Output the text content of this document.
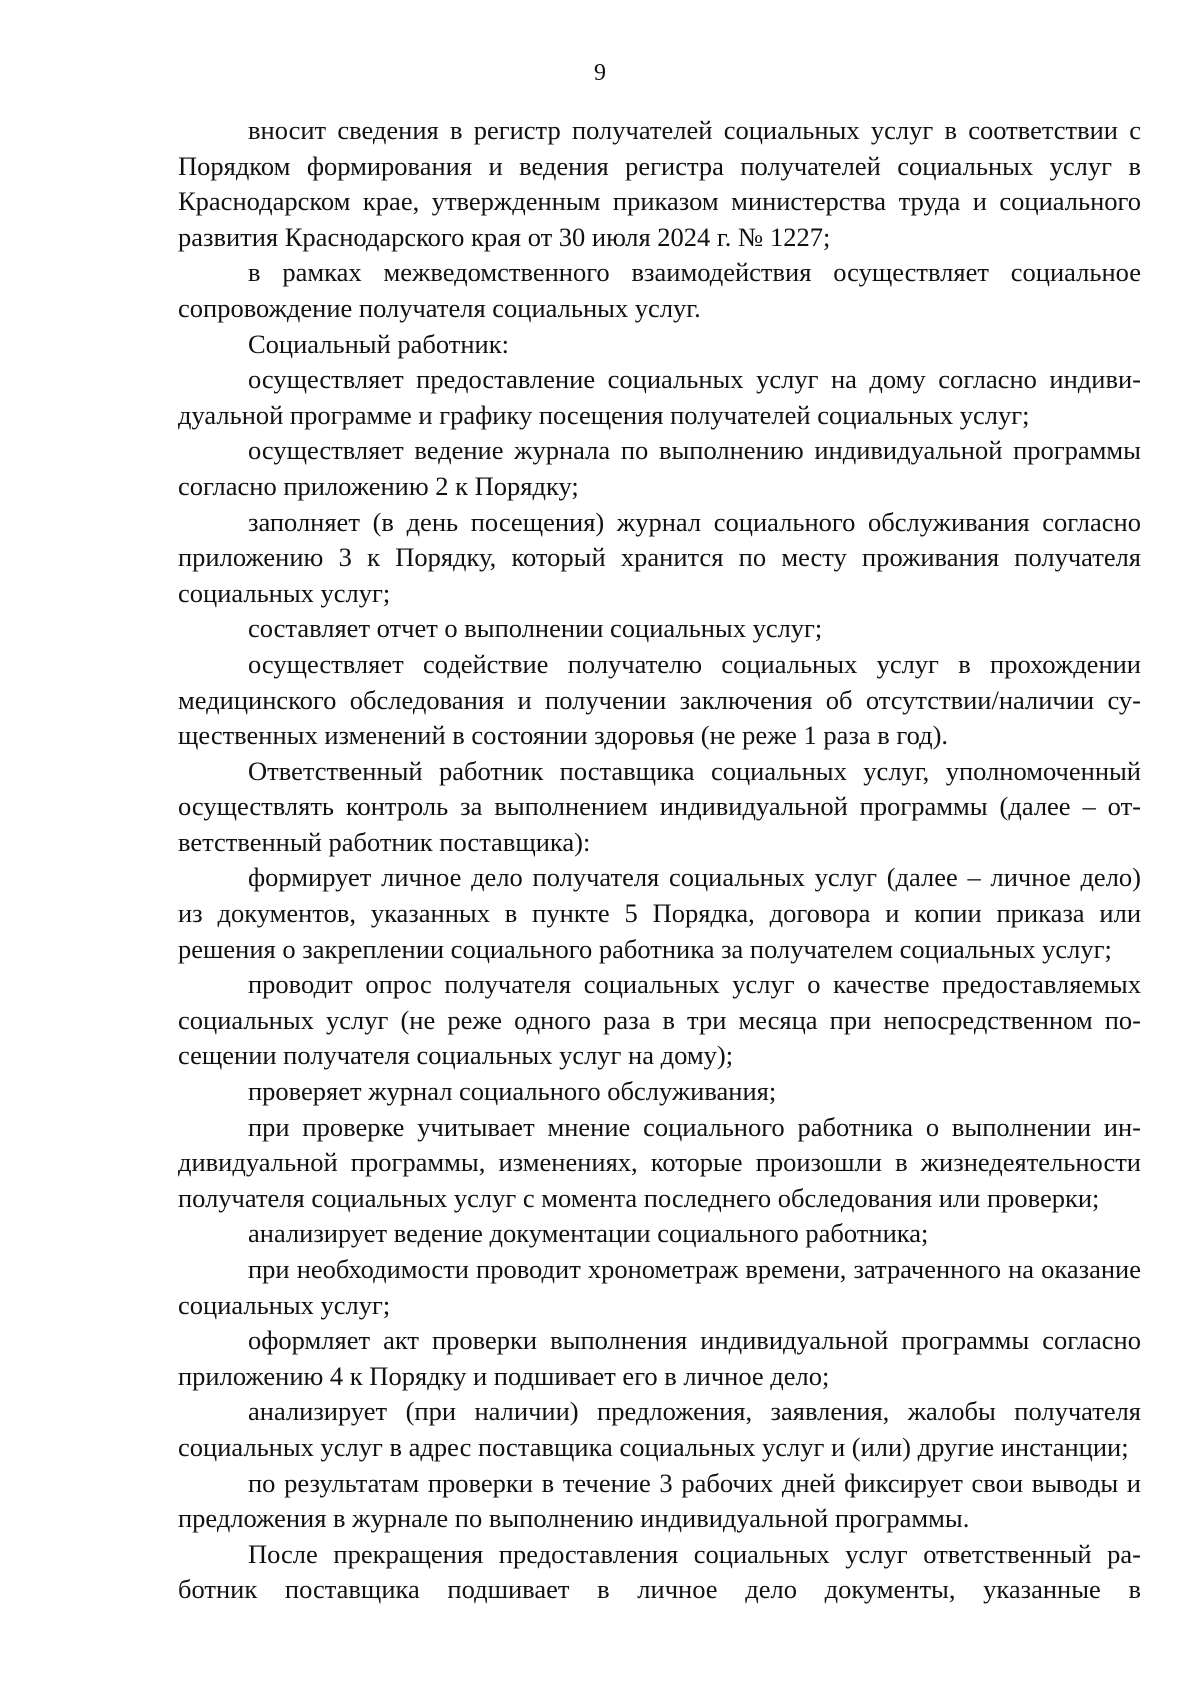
9

вносит сведения в регистр получателей социальных услуг в соответствии с Порядком формирования и ведения регистра получателей социальных услуг в Краснодарском крае, утвержденным приказом министерства труда и социального развития Краснодарского края от 30 июля 2024 г. № 1227;

в рамках межведомственного взаимодействия осуществляет социальное сопровождение получателя социальных услуг.

Социальный работник:

осуществляет предоставление социальных услуг на дому согласно индивидуальной программе и графику посещения получателей социальных услуг;

осуществляет ведение журнала по выполнению индивидуальной программы согласно приложению 2 к Порядку;

заполняет (в день посещения) журнал социального обслуживания согласно приложению 3 к Порядку, который хранится по месту проживания получателя социальных услуг;

составляет отчет о выполнении социальных услуг;

осуществляет содействие получателю социальных услуг в прохождении медицинского обследования и получении заключения об отсутствии/наличии существенных изменений в состоянии здоровья (не реже 1 раза в год).

Ответственный работник поставщика социальных услуг, уполномоченный осуществлять контроль за выполнением индивидуальной программы (далее – ответственный работник поставщика):

формирует личное дело получателя социальных услуг (далее – личное дело) из документов, указанных в пункте 5 Порядка, договора и копии приказа или решения о закреплении социального работника за получателем социальных услуг;

проводит опрос получателя социальных услуг о качестве предоставляемых социальных услуг (не реже одного раза в три месяца при непосредственном посещении получателя социальных услуг на дому);

проверяет журнал социального обслуживания;

при проверке учитывает мнение социального работника о выполнении индивидуальной программы, изменениях, которые произошли в жизнедеятельности получателя социальных услуг с момента последнего обследования или проверки;

анализирует ведение документации социального работника;

при необходимости проводит хронометраж времени, затраченного на оказание социальных услуг;

оформляет акт проверки выполнения индивидуальной программы согласно приложению 4 к Порядку и подшивает его в личное дело;

анализирует (при наличии) предложения, заявления, жалобы получателя социальных услуг в адрес поставщика социальных услуг и (или) другие инстанции;

по результатам проверки в течение 3 рабочих дней фиксирует свои выводы и предложения в журнале по выполнению индивидуальной программы.

После прекращения предоставления социальных услуг ответственный работник поставщика подшивает в личное дело документы, указанные в
